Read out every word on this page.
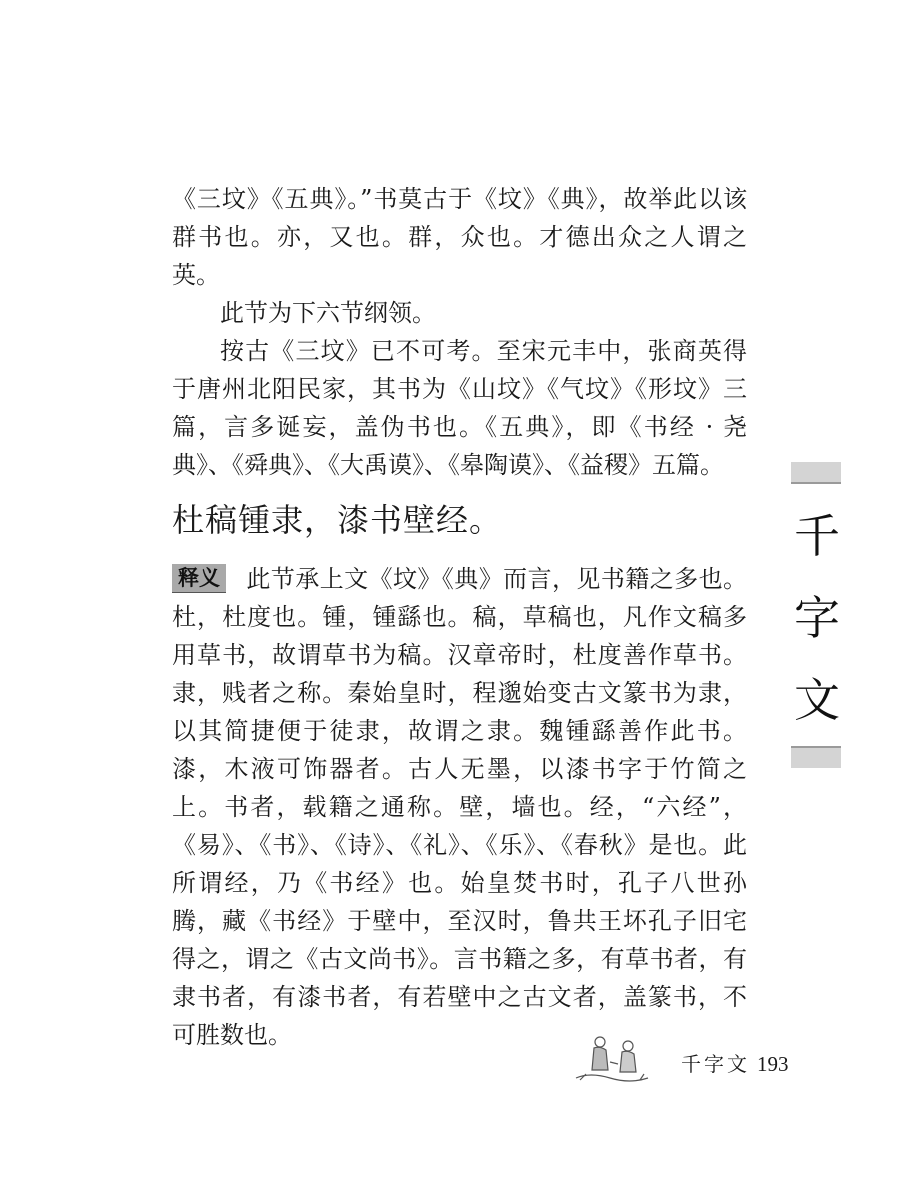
《三坟》《五典》。”书莫古于《坟》《典》，故举此以该群书也。亦，又也。群，众也。才德出众之人谓之英。

此节为下六节纲领。

按古《三坟》已不可考。至宋元丰中，张商英得于唐州北阳民家，其书为《山坟》《气坟》《形坟》三篇，言多诞妄，盖伪书也。《五典》，即《书经 · 尧典》、《舜典》、《大禹谟》、《皋陶谟》、《益稷》五篇。

杜稿锺隶，漆书壁经。

释义 此节承上文《坟》《典》而言，见书籍之多也。杜，杜度也。锺，锺繇也。稿，草稿也，凡作文稿多用草书，故谓草书为稿。汉章帝时，杜度善作草书。隶，贱者之称。秦始皇时，程邈始变古文篆书为隶，以其简捷便于徒隶，故谓之隶。魏锺繇善作此书。漆，木液可饰器者。古人无墨，以漆书字于竹简之上。书者，载籍之通称。壁，墙也。经，“六经”，《易》、《书》、《诗》、《礼》、《乐》、《春秋》是也。此所谓经，乃《书经》也。始皇焚书时，孔子八世孙腾，藏《书经》于壁中，至汉时，鲁共王坏孔子旧宅得之，谓之《古文尚书》。言书籍之多，有草书者，有隶书者，有漆书者，有若壁中之古文者，盖篆书，不可胜数也。

千
字
文
千字文 193
